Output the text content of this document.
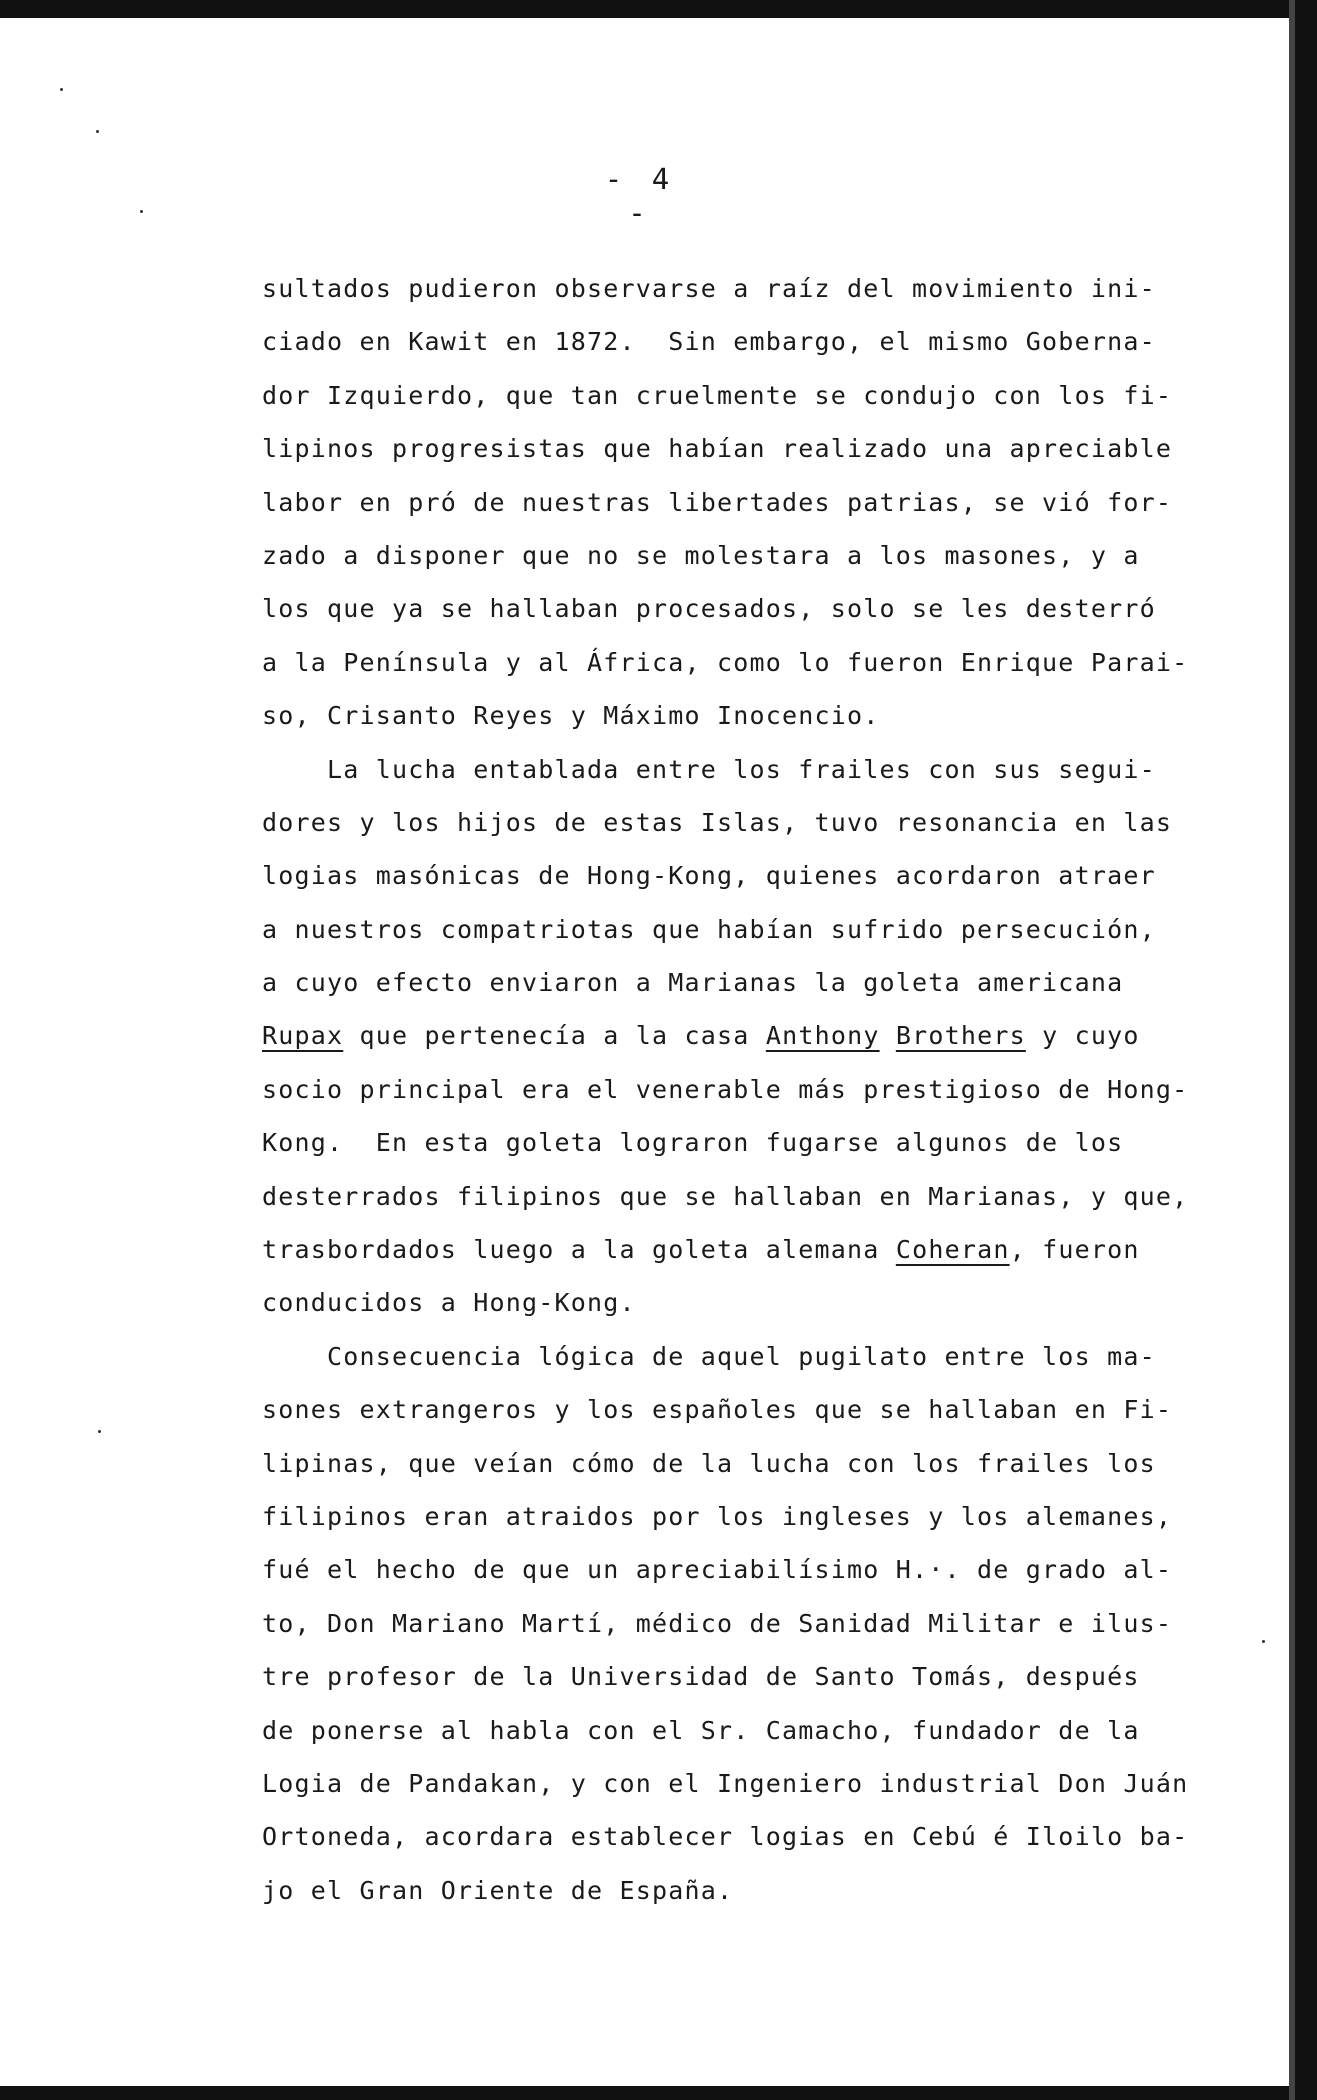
- 4 -
sultados pudieron observarse a raíz del movimiento ini-
ciado en Kawit en 1872.  Sin embargo, el mismo Goberna-
dor Izquierdo, que tan cruelmente se condujo con los fi-
lipinos progresistas que habían realizado una apreciable
labor en pró de nuestras libertades patrias, se vió for-
zado a disponer que no se molestara a los masones, y a
los que ya se hallaban procesados, solo se les desterró
a la Península y al África, como lo fueron Enrique Parai-
so, Crisanto Reyes y Máximo Inocencio.
La lucha entablada entre los frailes con sus segui-
dores y los hijos de estas Islas, tuvo resonancia en las
logias masónicas de Hong-Kong, quienes acordaron atraer
a nuestros compatriotas que habían sufrido persecución,
a cuyo efecto enviaron a Marianas la goleta americana
Rupax que pertenecía a la casa Anthony Brothers y cuyo
socio principal era el venerable más prestigioso de Hong-
Kong.  En esta goleta lograron fugarse algunos de los
desterrados filipinos que se hallaban en Marianas, y que,
trasbordados luego a la goleta alemana Coheran, fueron
conducidos a Hong-Kong.
Consecuencia lógica de aquel pugilato entre los ma-
sones extrangeros y los españoles que se hallaban en Fi-
lipinas, que veían cómo de la lucha con los frailes los
filipinos eran atraidos por los ingleses y los alemanes,
fué el hecho de que un apreciabilísimo H.·. de grado al-
to, Don Mariano Martí, médico de Sanidad Militar e ilus-
tre profesor de la Universidad de Santo Tomás, después
de ponerse al habla con el Sr. Camacho, fundador de la
Logia de Pandakan, y con el Ingeniero industrial Don Juán
Ortoneda, acordara establecer logias en Cebú é Iloilo ba-
jo el Gran Oriente de España.
